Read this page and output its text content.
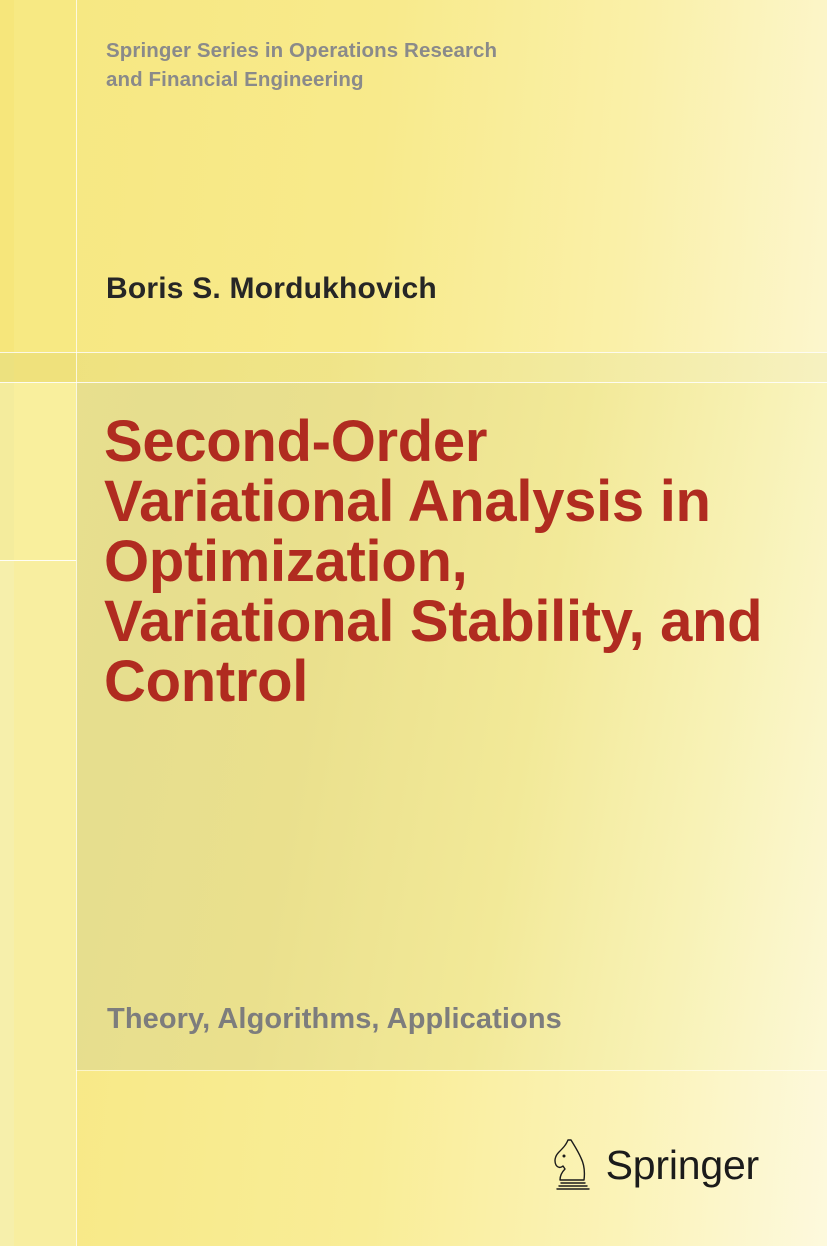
Springer Series in Operations Research
and Financial Engineering
Boris S. Mordukhovich
Second-Order Variational Analysis in Optimization, Variational Stability, and Control
Theory, Algorithms, Applications
Springer
